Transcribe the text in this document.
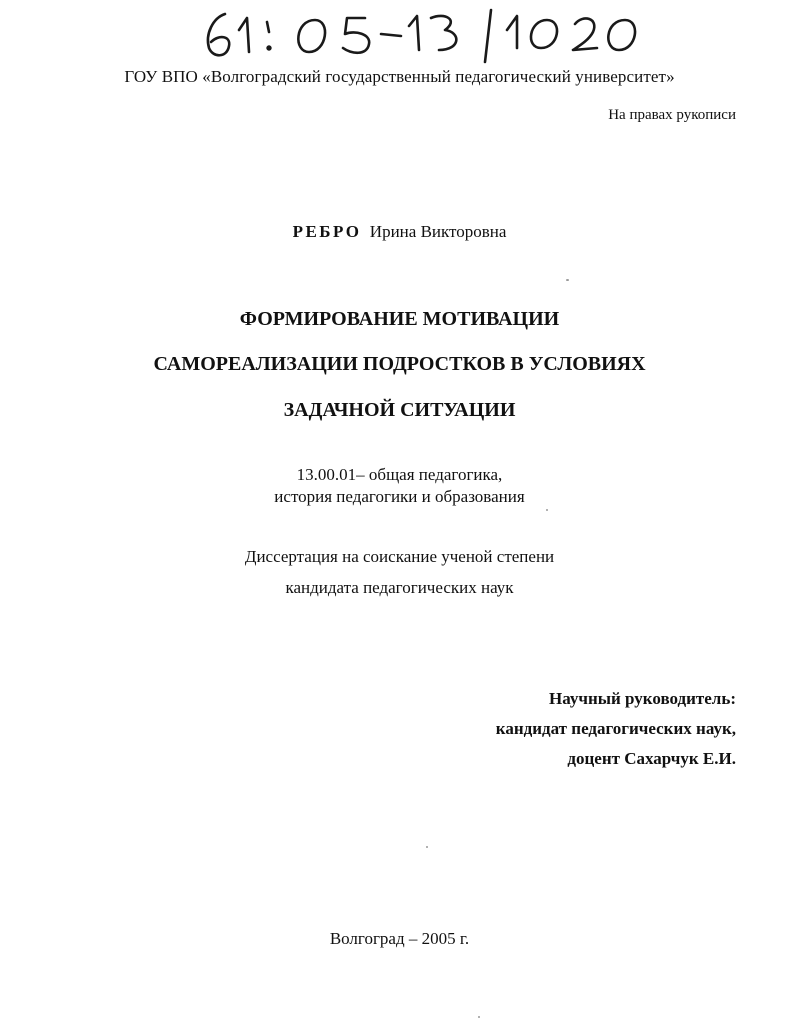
ГОУ ВПО «Волгоградский государственный педагогический университет»
На правах рукописи
РЕБРО Ирина Викторовна
ФОРМИРОВАНИЕ МОТИВАЦИИ
САМОРЕАЛИЗАЦИИ ПОДРОСТКОВ В УСЛОВИЯХ
ЗАДАЧНОЙ СИТУАЦИИ
13.00.01– общая педагогика,
история педагогики и образования
Диссертация на соискание ученой степени
кандидата педагогических наук
Научный руководитель:
кандидат педагогических наук,
доцент Сахарчук Е.И.
Волгоград – 2005 г.
